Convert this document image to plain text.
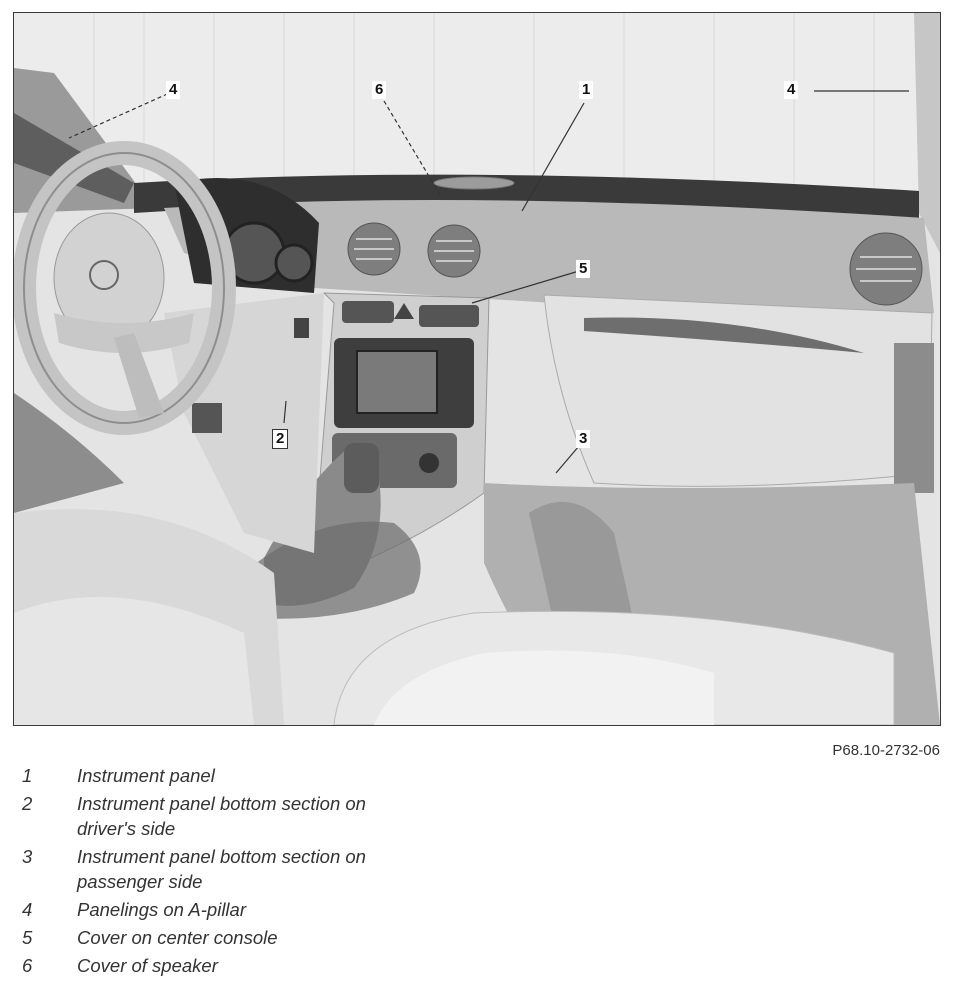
4	6	1	4
5
2	3
P68.10-2732-06
1	Instrument panel
2	Instrument panel bottom section on
driver's side
3	Instrument panel bottom section on
passenger side
4	Panelings on A-pillar
5	Cover on center console
6	Cover of speaker
